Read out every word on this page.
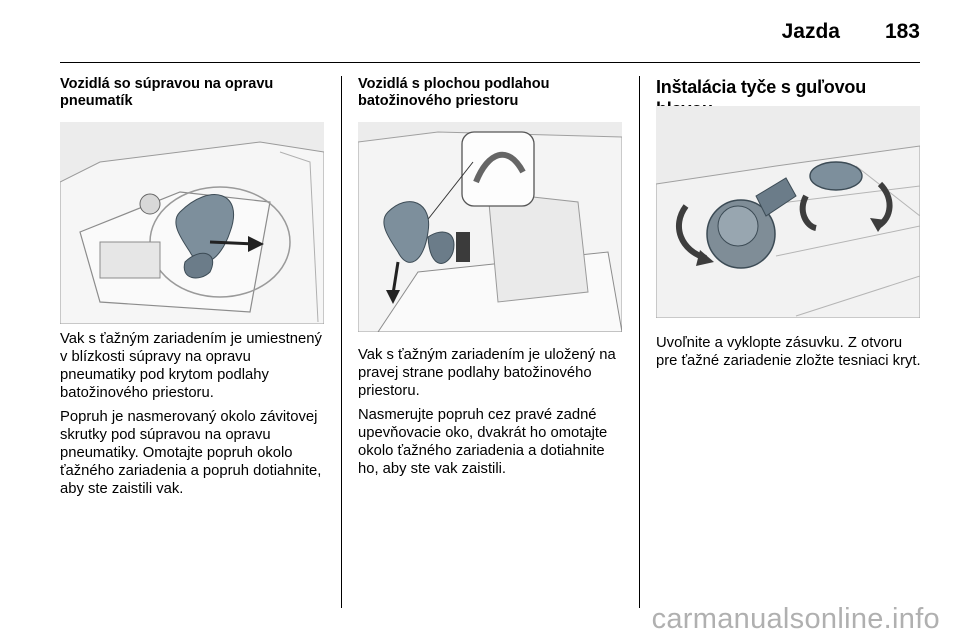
Jazda 183
Vozidlá so súpravou na opravu pneumatík

Vak s ťažným zariadením je umiestnený v blízkosti súpravy na opravu pneumatiky pod krytom podlahy batožinového priestoru.

Popruh je nasmerovaný okolo závitovej skrutky pod súpravou na opravu pneumatiky. Omotajte popruh okolo ťažného zariadenia a popruh dotiahnite, aby ste zaistili vak.

Vozidlá s plochou podlahou batožinového priestoru

Vak s ťažným zariadením je uložený na pravej strane podlahy batožinového priestoru.

Nasmerujte popruh cez pravé zadné upevňovacie oko, dvakrát ho omotajte okolo ťažného zariadenia a dotiahnite ho, aby ste vak zaistili.

Inštalácia tyče s guľovou

Uvoľnite a vyklopte zásuvku. Z otvoru pre ťažné zariadenie zložte tesniaci kryt.

carmanualsonline.info
